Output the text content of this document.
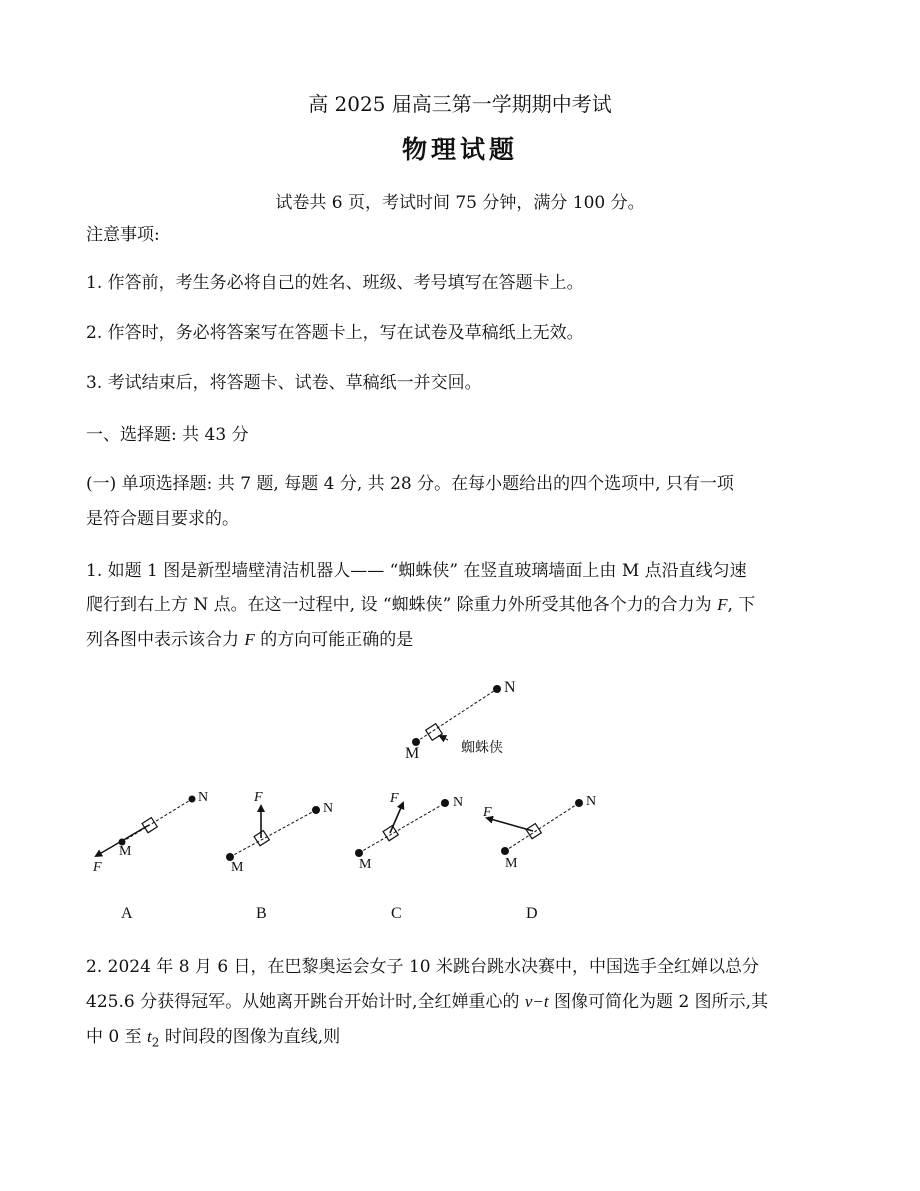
高 2025 届高三第一学期期中考试
物理试题
试卷共 6 页，考试时间 75 分钟，满分 100 分。
注意事项:
1. 作答前，考生务必将自己的姓名、班级、考号填写在答题卡上。
2. 作答时，务必将答案写在答题卡上，写在试卷及草稿纸上无效。
3. 考试结束后，将答题卡、试卷、草稿纸一并交回。
一、选择题: 共 43 分
(一) 单项选择题: 共 7 题, 每题 4 分, 共 28 分。在每小题给出的四个选项中, 只有一项
是符合题目要求的。
1. 如题 1 图是新型墙壁清洁机器人—— “蜘蛛侠” 在竖直玻璃墙面上由 M 点沿直线匀速
爬行到右上方 N 点。在这一过程中, 设 “蜘蛛侠” 除重力外所受其他各个力的合力为 F, 下
列各图中表示该合力 F 的方向可能正确的是
N
M	蜘蛛侠
N
M
F
F
N
M
F	N
M
F
N
M
A	B	C	D
2. 2024 年 8 月 6 日，在巴黎奥运会女子 10 米跳台跳水决赛中，中国选手全红婵以总分
425.6 分获得冠军。从她离开跳台开始计时,全红婵重心的 v−t 图像可简化为题 2 图所示,其
中 0 至 $t_2$ 时间段的图像为直线,则
